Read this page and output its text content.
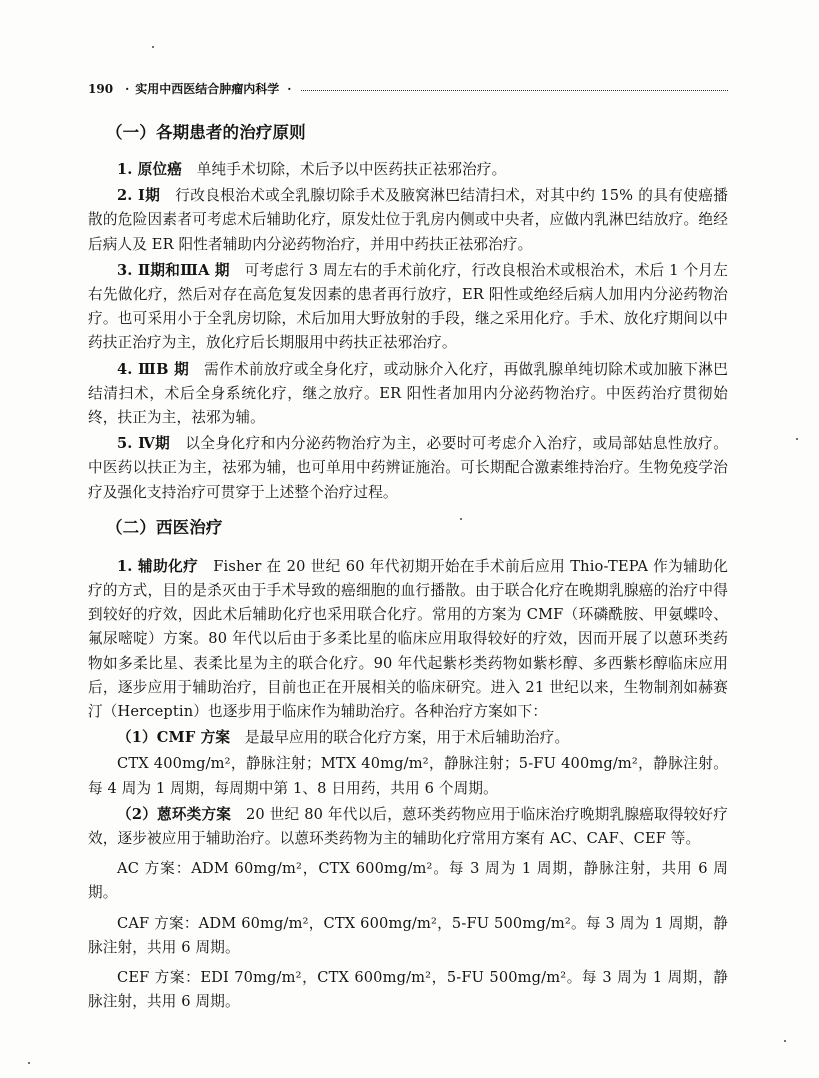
190 · 实用中西医结合肿瘤内科学 ·
（一）各期患者的治疗原则

1. 原位癌　 单纯手术切除，术后予以中医药扶正祛邪治疗。

2. Ⅰ期　 行改良根治术或全乳腺切除手术及腋窝淋巴结清扫术，对其中约 15% 的具有使癌播散的危险因素者可考虑术后辅助化疗，原发灶位于乳房内侧或中央者，应做内乳淋巴结放疗。绝经后病人及 ER 阳性者辅助内分泌药物治疗，并用中药扶正祛邪治疗。

3. Ⅱ期和ⅢA 期　 可考虑行 3 周左右的手术前化疗，行改良根治术或根治术，术后 1 个月左右先做化疗，然后对存在高危复发因素的患者再行放疗，ER 阳性或绝经后病人加用内分泌药物治疗。也可采用小于全乳房切除，术后加用大野放射的手段，继之采用化疗。手术、放化疗期间以中药扶正治疗为主，放化疗后长期服用中药扶正祛邪治疗。

4. ⅢB 期　 需作术前放疗或全身化疗，或动脉介入化疗，再做乳腺单纯切除术或加腋下淋巴结清扫术，术后全身系统化疗，继之放疗。ER 阳性者加用内分泌药物治疗。中医药治疗贯彻始终，扶正为主，祛邪为辅。

5. Ⅳ期　 以全身化疗和内分泌药物治疗为主，必要时可考虑介入治疗，或局部姑息性放疗。中医药以扶正为主，祛邪为辅，也可单用中药辨证施治。可长期配合激素维持治疗。生物免疫学治疗及强化支持治疗可贯穿于上述整个治疗过程。

（二）西医治疗

1. 辅助化疗　 Fisher 在 20 世纪 60 年代初期开始在手术前后应用 Thio-TEPA 作为辅助化疗的方式，目的是杀灭由于手术导致的癌细胞的血行播散。由于联合化疗在晚期乳腺癌的治疗中得到较好的疗效，因此术后辅助化疗也采用联合化疗。常用的方案为 CMF（环磷酰胺、甲氨蝶呤、氟尿嘧啶）方案。80 年代以后由于多柔比星的临床应用取得较好的疗效，因而开展了以蒽环类药物如多柔比星、表柔比星为主的联合化疗。90 年代起紫杉类药物如紫杉醇、多西紫杉醇临床应用后，逐步应用于辅助治疗，目前也正在开展相关的临床研究。进入 21 世纪以来，生物制剂如赫赛汀（Herceptin）也逐步用于临床作为辅助治疗。各种治疗方案如下：

（1）CMF 方案　 是最早应用的联合化疗方案，用于术后辅助治疗。

CTX 400mg/m²，静脉注射；MTX 40mg/m²，静脉注射；5-FU 400mg/m²，静脉注射。每 4 周为 1 周期，每周期中第 1、8 日用药，共用 6 个周期。

（2）蒽环类方案　 20 世纪 80 年代以后，蒽环类药物应用于临床治疗晚期乳腺癌取得较好疗效，逐步被应用于辅助治疗。以蒽环类药物为主的辅助化疗常用方案有 AC、CAF、CEF 等。

AC 方案：ADM 60mg/m²，CTX 600mg/m²。每 3 周为 1 周期，静脉注射，共用 6 周期。

CAF 方案：ADM 60mg/m²，CTX 600mg/m²，5-FU 500mg/m²。每 3 周为 1 周期，静脉注射，共用 6 周期。

CEF 方案：EDI 70mg/m²，CTX 600mg/m²，5-FU 500mg/m²。每 3 周为 1 周期，静脉注射，共用 6 周期。
